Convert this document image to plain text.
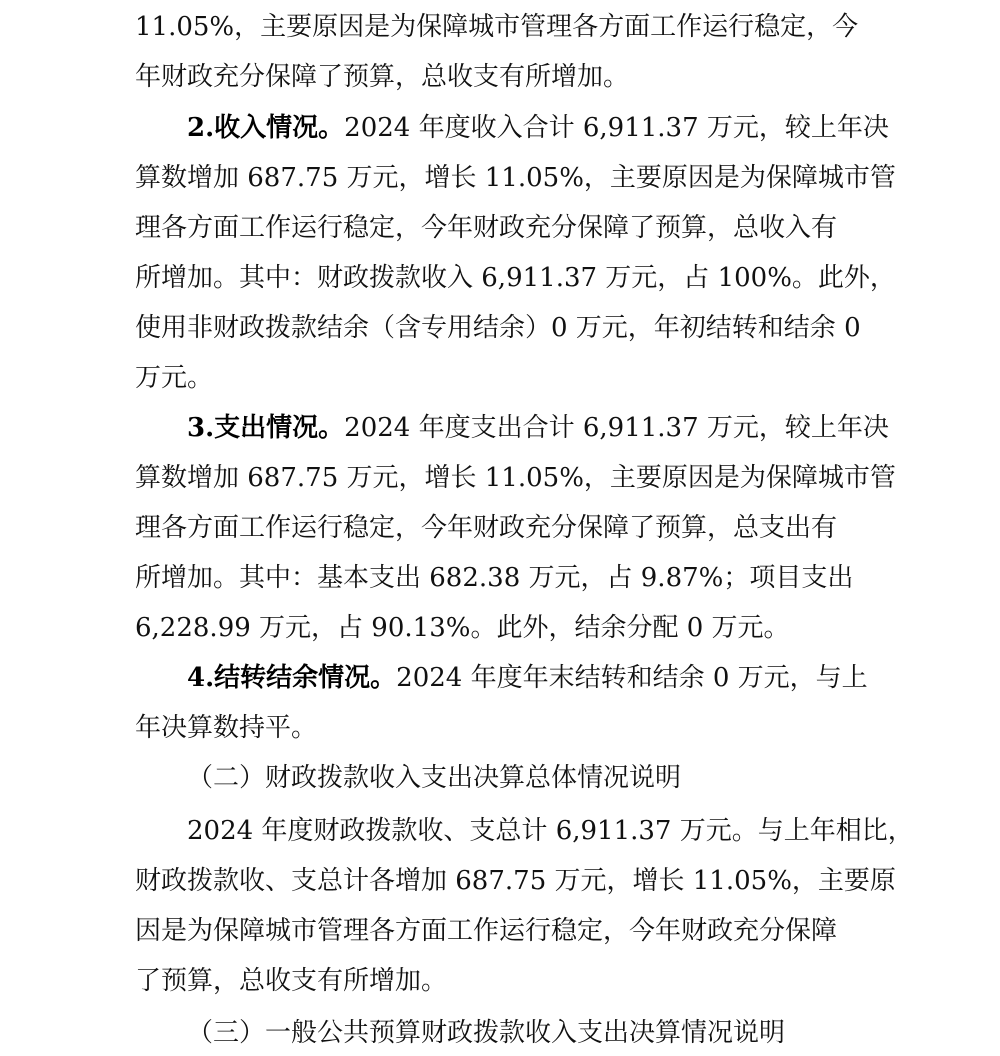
11.05%，主要原因是为保障城市管理各方面工作运行稳定，今

年财政充分保障了预算，总收支有所增加。

2.收入情况。2024 年度收入合计 6,911.37 万元，较上年决

算数增加 687.75 万元，增长 11.05%，主要原因是为保障城市管

理各方面工作运行稳定，今年财政充分保障了预算，总收入有

所增加。其中：财政拨款收入 6,911.37 万元，占 100%。此外，

使用非财政拨款结余（含专用结余）0 万元，年初结转和结余 0

万元。

3.支出情况。2024 年度支出合计 6,911.37 万元，较上年决

算数增加 687.75 万元，增长 11.05%，主要原因是为保障城市管

理各方面工作运行稳定，今年财政充分保障了预算，总支出有

所增加。其中：基本支出 682.38 万元，占 9.87%；项目支出

6,228.99 万元，占 90.13%。此外，结余分配 0 万元。

4.结转结余情况。2024 年度年末结转和结余 0 万元，与上

年决算数持平。

（二）财政拨款收入支出决算总体情况说明

2024 年度财政拨款收、支总计 6,911.37 万元。与上年相比，

财政拨款收、支总计各增加 687.75 万元，增长 11.05%，主要原

因是为保障城市管理各方面工作运行稳定，今年财政充分保障

了预算，总收支有所增加。

（三）一般公共预算财政拨款收入支出决算情况说明
